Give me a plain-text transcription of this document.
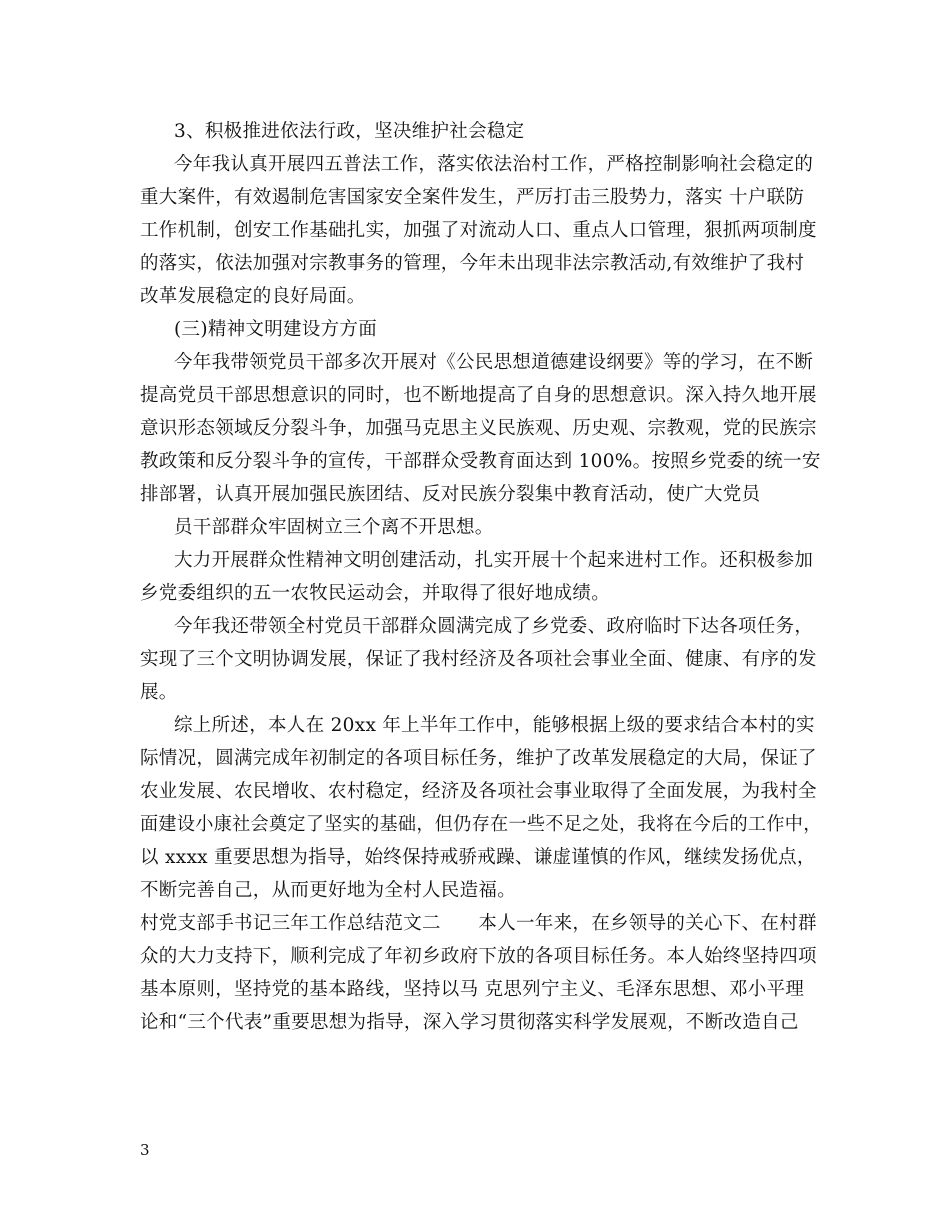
3、积极推进依法行政，坚决维护社会稳定
今年我认真开展四五普法工作，落实依法治村工作，严格控制影响社会稳定的
重大案件，有效遏制危害国家安全案件发生，严厉打击三股势力，落实 十户联防
工作机制，创安工作基础扎实，加强了对流动人口、重点人口管理，狠抓两项制度
的落实，依法加强对宗教事务的管理，今年未出现非法宗教活动,有效维护了我村
改革发展稳定的良好局面。
(三)精神文明建设方方面
今年我带领党员干部多次开展对《公民思想道德建设纲要》等的学习，在不断
提高党员干部思想意识的同时，也不断地提高了自身的思想意识。深入持久地开展
意识形态领域反分裂斗争，加强马克思主义民族观、历史观、宗教观，党的民族宗
教政策和反分裂斗争的宣传，干部群众受教育面达到 100%。按照乡党委的统一安
排部署，认真开展加强民族团结、反对民族分裂集中教育活动，使广大党员
员干部群众牢固树立三个离不开思想。
大力开展群众性精神文明创建活动，扎实开展十个起来进村工作。还积极参加
乡党委组织的五一农牧民运动会，并取得了很好地成绩。
今年我还带领全村党员干部群众圆满完成了乡党委、政府临时下达各项任务，
实现了三个文明协调发展，保证了我村经济及各项社会事业全面、健康、有序的发
展。
综上所述，本人在 20xx 年上半年工作中，能够根据上级的要求结合本村的实
际情况，圆满完成年初制定的各项目标任务，维护了改革发展稳定的大局，保证了
农业发展、农民增收、农村稳定，经济及各项社会事业取得了全面发展，为我村全
面建设小康社会奠定了坚实的基础，但仍存在一些不足之处，我将在今后的工作中，
以 xxxx 重要思想为指导，始终保持戒骄戒躁、谦虚谨慎的作风，继续发扬优点，
不断完善自己，从而更好地为全村人民造福。
村党支部手书记三年工作总结范文二　　本人一年来，在乡领导的关心下、在村群
众的大力支持下，顺利完成了年初乡政府下放的各项目标任务。本人始终坚持四项
基本原则，坚持党的基本路线，坚持以马 克思列宁主义、毛泽东思想、邓小平理
论和“三个代表”重要思想为指导，深入学习贯彻落实科学发展观，不断改造自己
3
